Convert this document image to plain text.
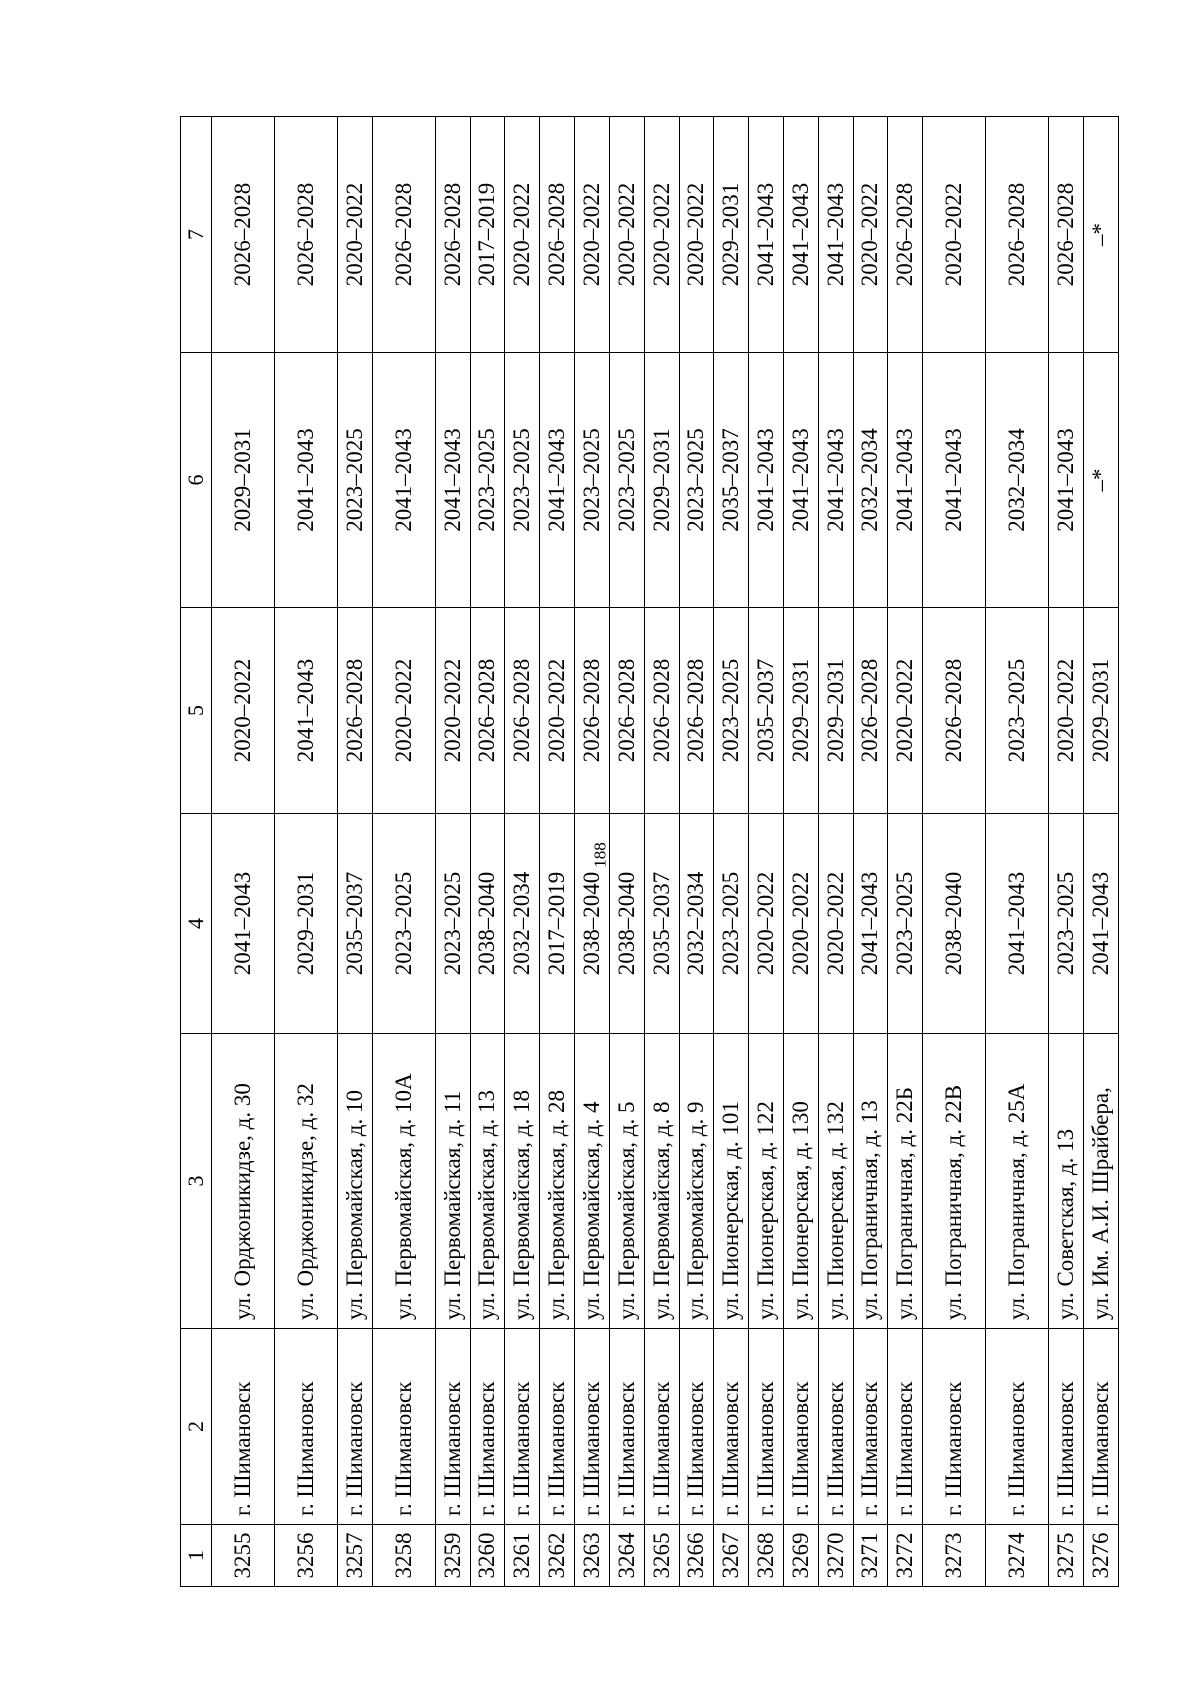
188
1	2	3	4	5	6	7
3255	г. Шимановск	ул. Орджоникидзе, д. 30	2041–2043	2020–2022	2029–2031	2026–2028
3256	г. Шимановск	ул. Орджоникидзе, д. 32	2029–2031	2041–2043	2041–2043	2026–2028
3257	г. Шимановск	ул. Первомайская, д. 10	2035–2037	2026–2028	2023–2025	2020–2022
3258	г. Шимановск	ул. Первомайская, д. 10А	2023–2025	2020–2022	2041–2043	2026–2028
3259	г. Шимановск	ул. Первомайская, д. 11	2023–2025	2020–2022	2041–2043	2026–2028
3260	г. Шимановск	ул. Первомайская, д. 13	2038–2040	2026–2028	2023–2025	2017–2019
3261	г. Шимановск	ул. Первомайская, д. 18	2032–2034	2026–2028	2023–2025	2020–2022
3262	г. Шимановск	ул. Первомайская, д. 28	2017–2019	2020–2022	2041–2043	2026–2028
3263	г. Шимановск	ул. Первомайская, д. 4	2038–2040	2026–2028	2023–2025	2020–2022
3264	г. Шимановск	ул. Первомайская, д. 5	2038–2040	2026–2028	2023–2025	2020–2022
3265	г. Шимановск	ул. Первомайская, д. 8	2035–2037	2026–2028	2029–2031	2020–2022
3266	г. Шимановск	ул. Первомайская, д. 9	2032–2034	2026–2028	2023–2025	2020–2022
3267	г. Шимановск	ул. Пионерская, д. 101	2023–2025	2023–2025	2035–2037	2029–2031
3268	г. Шимановск	ул. Пионерская, д. 122	2020–2022	2035–2037	2041–2043	2041–2043
3269	г. Шимановск	ул. Пионерская, д. 130	2020–2022	2029–2031	2041–2043	2041–2043
3270	г. Шимановск	ул. Пионерская, д. 132	2020–2022	2029–2031	2041–2043	2041–2043
3271	г. Шимановск	ул. Пограничная, д. 13	2041–2043	2026–2028	2032–2034	2020–2022
3272	г. Шимановск	ул. Пограничная, д. 22Б	2023–2025	2020–2022	2041–2043	2026–2028
3273	г. Шимановск	ул. Пограничная, д. 22В	2038–2040	2026–2028	2041–2043	2020–2022
3274	г. Шимановск	ул. Пограничная, д. 25А	2041–2043	2023–2025	2032–2034	2026–2028
3275	г. Шимановск	ул. Советская, д. 13	2023–2025	2020–2022	2041–2043	2026–2028
3276	г. Шимановск	ул. Им. А.И. Шрайбера,	2041–2043	2029–2031	–*	–*
